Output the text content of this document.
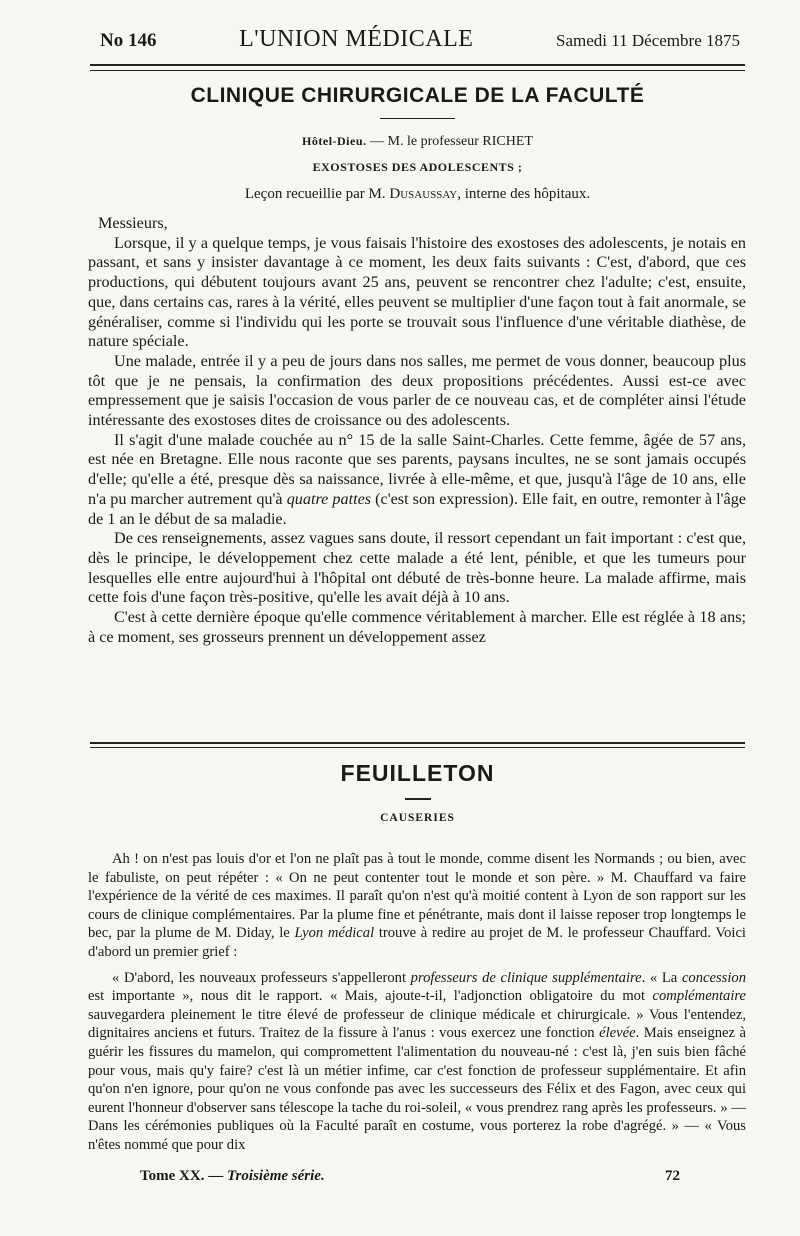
No 146	L'UNION MÉDICALE	Samedi 11 Décembre 1875
CLINIQUE CHIRURGICALE DE LA FACULTÉ
Hôtel-Dieu. — M. le professeur RICHET
EXOSTOSES DES ADOLESCENTS ;
Leçon recueillie par M. Dusaussay, interne des hôpitaux.

Messieurs,

Lorsque, il y a quelque temps, je vous faisais l'histoire des exostoses des adolescents, je notais en passant, et sans y insister davantage à ce moment, les deux faits suivants : C'est, d'abord, que ces productions, qui débutent toujours avant 25 ans, peuvent se rencontrer chez l'adulte; c'est, ensuite, que, dans certains cas, rares à la vérité, elles peuvent se multiplier d'une façon tout à fait anormale, se généraliser, comme si l'individu qui les porte se trouvait sous l'influence d'une véritable diathèse, de nature spéciale.

Une malade, entrée il y a peu de jours dans nos salles, me permet de vous donner, beaucoup plus tôt que je ne pensais, la confirmation des deux propositions précédentes. Aussi est-ce avec empressement que je saisis l'occasion de vous parler de ce nouveau cas, et de compléter ainsi l'étude intéressante des exostoses dites de croissance ou des adolescents.

Il s'agit d'une malade couchée au n° 15 de la salle Saint-Charles. Cette femme, âgée de 57 ans, est née en Bretagne. Elle nous raconte que ses parents, paysans incultes, ne se sont jamais occupés d'elle; qu'elle a été, presque dès sa naissance, livrée à elle-même, et que, jusqu'à l'âge de 10 ans, elle n'a pu marcher autrement qu'à quatre pattes (c'est son expression). Elle fait, en outre, remonter à l'âge de 1 an le début de sa maladie.

De ces renseignements, assez vagues sans doute, il ressort cependant un fait important : c'est que, dès le principe, le développement chez cette malade a été lent, pénible, et que les tumeurs pour lesquelles elle entre aujourd'hui à l'hôpital ont débuté de très-bonne heure. La malade affirme, mais cette fois d'une façon très-positive, qu'elle les avait déjà à 10 ans.

C'est à cette dernière époque qu'elle commence véritablement à marcher. Elle est réglée à 18 ans; à ce moment, ses grosseurs prennent un développement assez

FEUILLETON
CAUSERIES

Ah ! on n'est pas louis d'or et l'on ne plaît pas à tout le monde, comme disent les Normands ; ou bien, avec le fabuliste, on peut répéter : « On ne peut contenter tout le monde et son père. » M. Chauffard va faire l'expérience de la vérité de ces maximes. Il paraît qu'on n'est qu'à moitié content à Lyon de son rapport sur les cours de clinique complémentaires. Par la plume fine et pénétrante, mais dont il laisse reposer trop longtemps le bec, par la plume de M. Diday, le Lyon médical trouve à redire au projet de M. le professeur Chauffard. Voici d'abord un premier grief :

« D'abord, les nouveaux professeurs s'appelleront professeurs de clinique supplémentaire. « La concession est importante », nous dit le rapport. « Mais, ajoute-t-il, l'adjonction obligatoire du mot complémentaire sauvegardera pleinement le titre élevé de professeur de clinique médicale et chirurgicale. » Vous l'entendez, dignitaires anciens et futurs. Traitez de la fissure à l'anus : vous exercez une fonction élevée. Mais enseignez à guérir les fissures du mamelon, qui compromettent l'alimentation du nouveau-né : c'est là, j'en suis bien fâché pour vous, mais qu'y faire? c'est là un métier infime, car c'est fonction de professeur supplémentaire. Et afin qu'on n'en ignore, pour qu'on ne vous confonde pas avec les successeurs des Félix et des Fagon, avec ceux qui eurent l'honneur d'observer sans télescope la tache du roi-soleil, « vous prendrez rang après les professeurs. » — Dans les cérémonies publiques où la Faculté paraît en costume, vous porterez la robe d'agrégé. » — « Vous n'êtes nommé que pour dix

Tome XX. — Troisième série.	72
